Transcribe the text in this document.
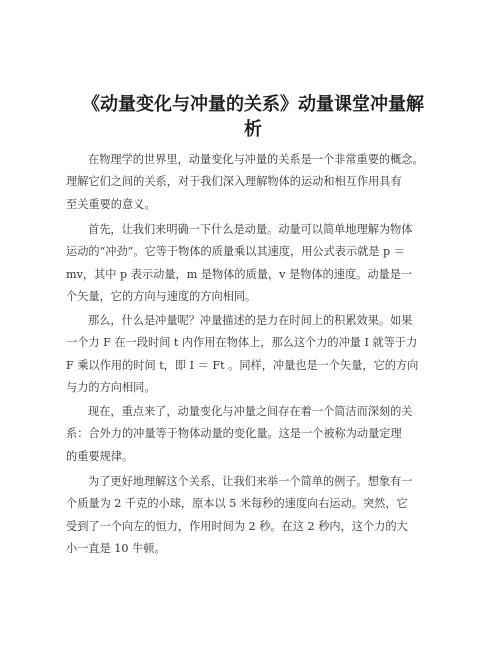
《动量变化与冲量的关系》动量课堂冲量解
析

在物理学的世界里，动量变化与冲量的关系是一个非常重要的概念。
理解它们之间的关系，对于我们深入理解物体的运动和相互作用具有
至关重要的意义。

首先，让我们来明确一下什么是动量。动量可以简单地理解为物体
运动的“冲劲”。它等于物体的质量乘以其速度，用公式表示就是 p ＝
mv，其中 p 表示动量，m 是物体的质量，v 是物体的速度。动量是一
个矢量，它的方向与速度的方向相同。

那么，什么是冲量呢？冲量描述的是力在时间上的积累效果。如果
一个力 F 在一段时间 t 内作用在物体上，那么这个力的冲量 I 就等于力
F 乘以作用的时间 t，即 I ＝ Ft 。同样，冲量也是一个矢量，它的方向
与力的方向相同。

现在，重点来了，动量变化与冲量之间存在着一个简洁而深刻的关
系：合外力的冲量等于物体动量的变化量。这是一个被称为动量定理
的重要规律。

为了更好地理解这个关系，让我们来举一个简单的例子。想象有一
个质量为 2 千克的小球，原本以 5 米每秒的速度向右运动。突然，它
受到了一个向左的恒力，作用时间为 2 秒。在这 2 秒内，这个力的大
小一直是 10 牛顿。
